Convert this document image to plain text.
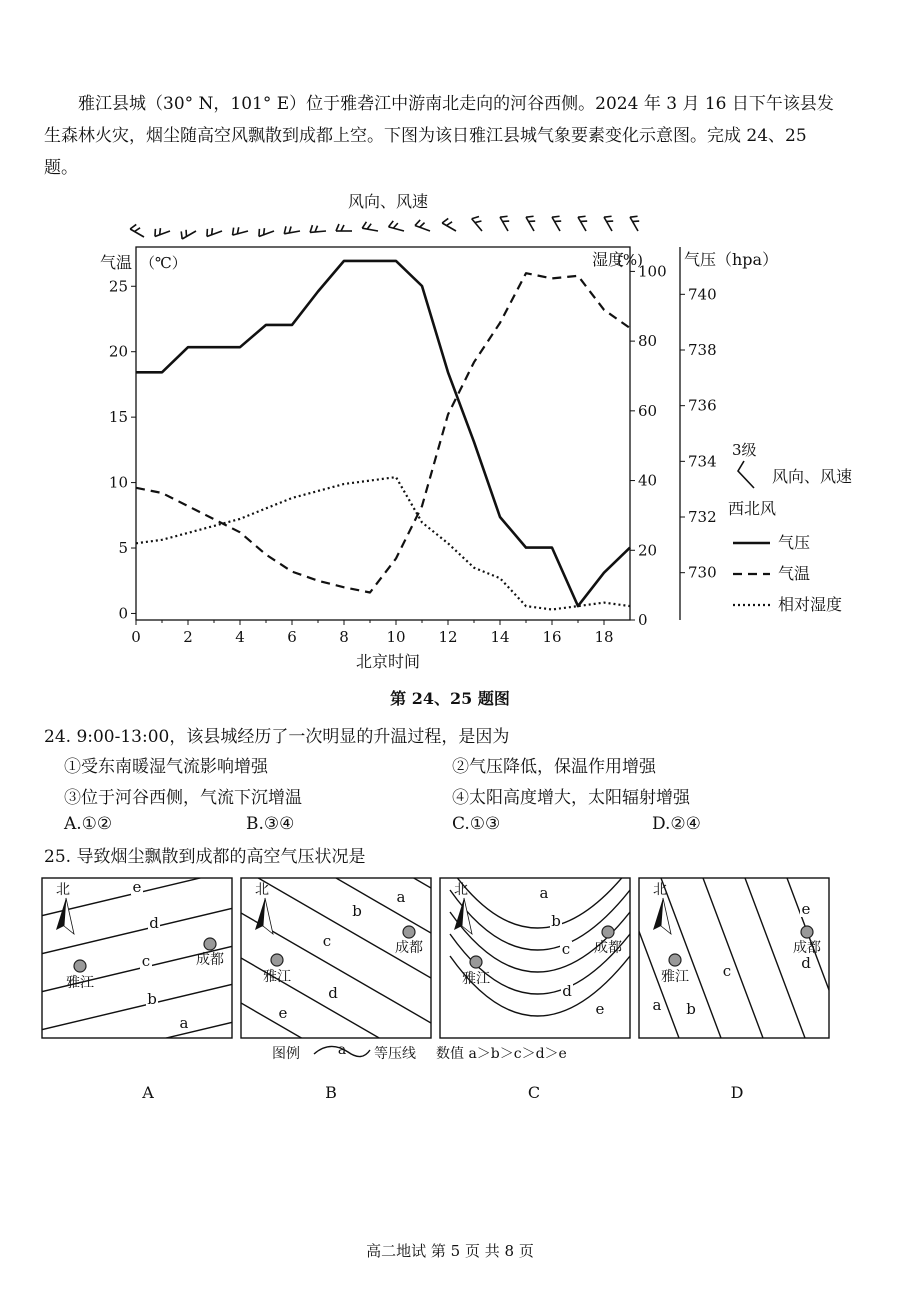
雅江县城（30° N，101° E）位于雅砻江中游南北走向的河谷西侧。2024 年 3 月 16 日下午该县发生森林火灾，烟尘随高空风飘散到成都上空。下图为该日雅江县城气象要素变化示意图。完成 24、25 题。

风向、风速
气温 （℃）	湿度
(%)	气压（hpa）
北京时间
0	2	4	6	8	10 12 14 16 18
0
5
10
15
20
25
0
20
40
60
80
100
730
732
734
736
738
740
3级
风向、风速
西北风
气压
气温
相对湿度
第 24、25 题图
24. 9:00-13:00，该县城经历了一次明显的升温过程，是因为
①受东南暖湿气流影响增强	②气压降低，保温作用增强
③位于河谷西侧，气流下沉增温	④太阳高度增大，太阳辐射增强
A.①②	B.③④	C.①③	D.②④
25. 导致烟尘飘散到成都的高空气压状况是
e
d
c
b
a
北
雅江
成都
A
a
b
c
d
e
北
雅江
成都
B
a
b
c
d
e
北
雅江
成都
C
a b
c	d
e
北
雅江
成都
D
图例	a 等压线 数值 a＞b＞c＞d＞e
高二地试 第 5 页 共 8 页
